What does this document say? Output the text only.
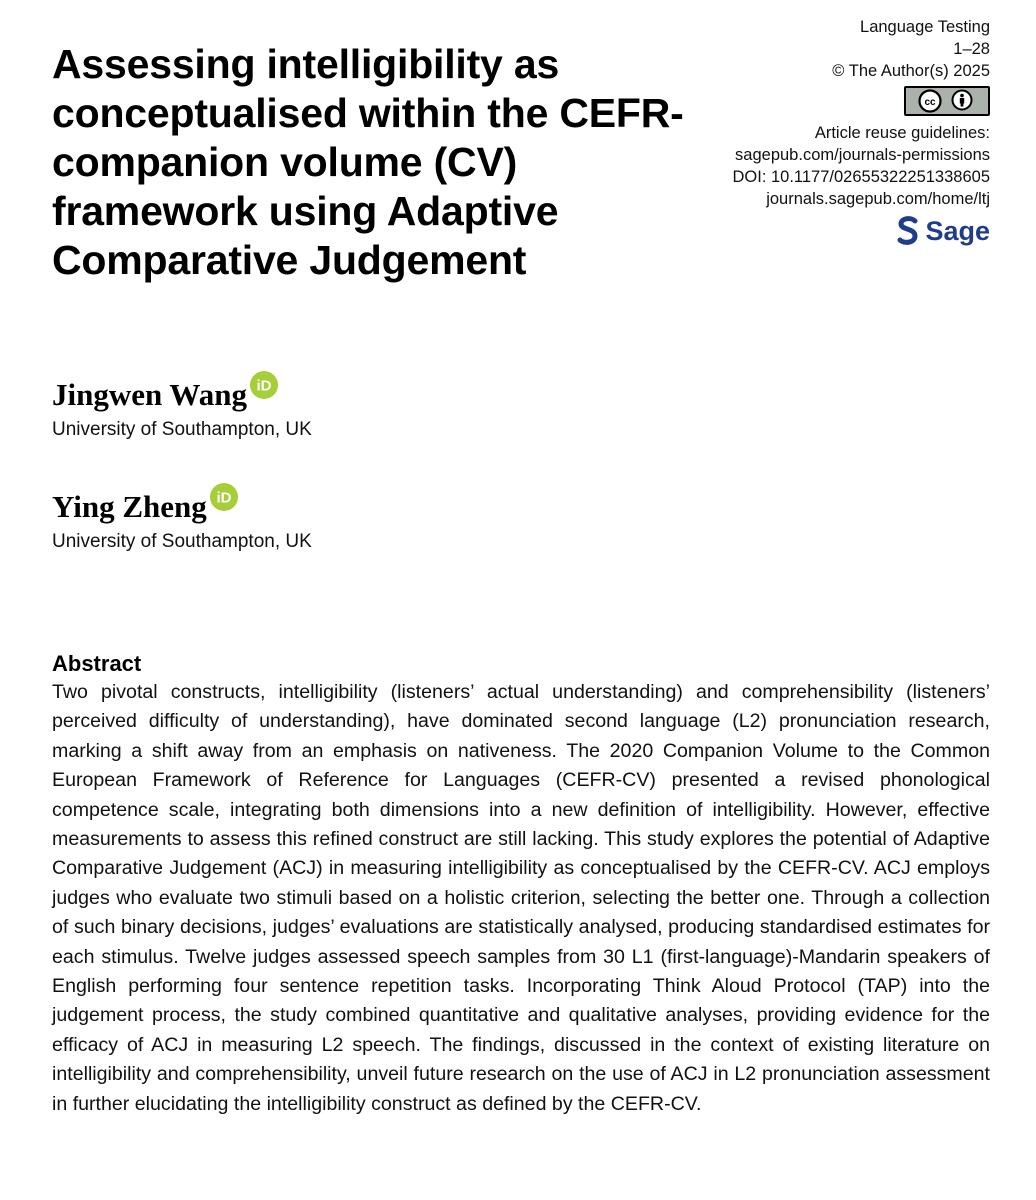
Assessing intelligibility as conceptualised within the CEFR-companion volume (CV) framework using Adaptive Comparative Judgement
Language Testing
1–28
© The Author(s) 2025
cc
Article reuse guidelines:
sagepub.com/journals-permissions
DOI: 10.1177/02655322251338605
journals.sagepub.com/home/ltj
Sage
Jingwen Wang iD
University of Southampton, UK
Ying Zheng iD
University of Southampton, UK
Abstract

Two pivotal constructs, intelligibility (listeners’ actual understanding) and comprehensibility (listeners’ perceived difficulty of understanding), have dominated second language (L2) pronunciation research, marking a shift away from an emphasis on nativeness. The 2020 Companion Volume to the Common European Framework of Reference for Languages (CEFR-CV) presented a revised phonological competence scale, integrating both dimensions into a new definition of intelligibility. However, effective measurements to assess this refined construct are still lacking. This study explores the potential of Adaptive Comparative Judgement (ACJ) in measuring intelligibility as conceptualised by the CEFR-CV. ACJ employs judges who evaluate two stimuli based on a holistic criterion, selecting the better one. Through a collection of such binary decisions, judges’ evaluations are statistically analysed, producing standardised estimates for each stimulus. Twelve judges assessed speech samples from 30 L1 (first-language)-Mandarin speakers of English performing four sentence repetition tasks. Incorporating Think Aloud Protocol (TAP) into the judgement process, the study combined quantitative and qualitative analyses, providing evidence for the efficacy of ACJ in measuring L2 speech. The findings, discussed in the context of existing literature on intelligibility and comprehensibility, unveil future research on the use of ACJ in L2 pronunciation assessment in further elucidating the intelligibility construct as defined by the CEFR-CV.
